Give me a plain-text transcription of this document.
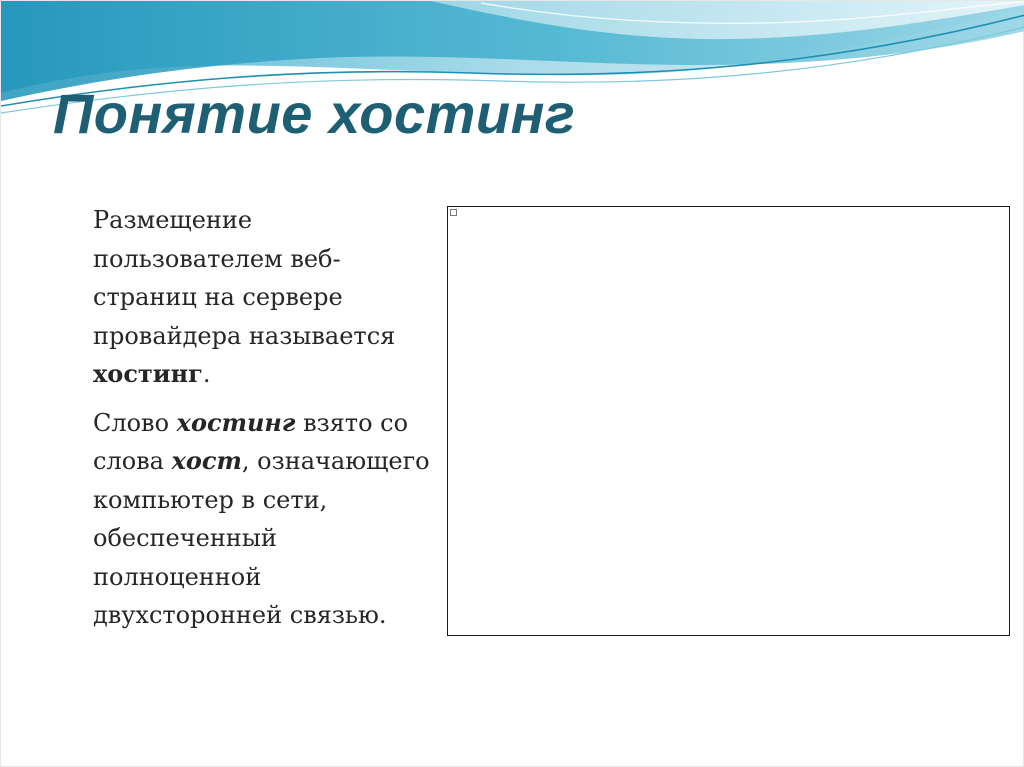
Понятие хостинг

Размещение пользователем веб-страниц на сервере провайдера называется хостинг.

Слово хостинг взято со слова хост, означающего компьютер в сети, обеспеченный полноценной двухсторонней связью.
